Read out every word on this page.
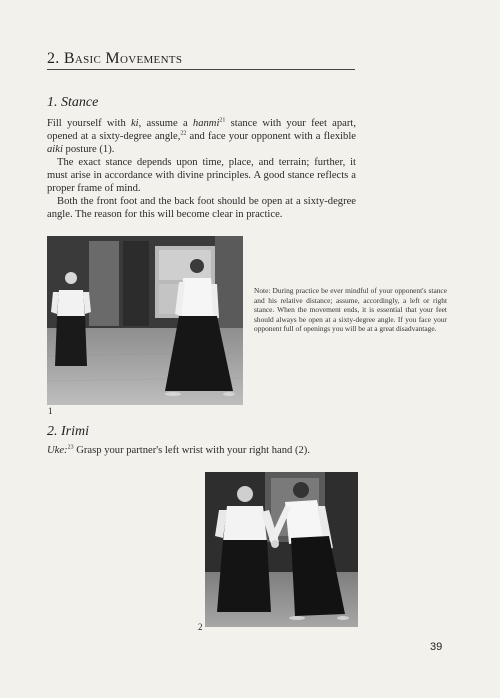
2. Basic Movements
1. Stance

Fill yourself with ki, assume a hanmi$^{21}$ stance with your feet apart, opened at a sixty-degree angle,$^{22}$ and face your opponent with a flexible aiki posture (1).

The exact stance depends upon time, place, and terrain; further, it must arise in accordance with divine principles. A good stance reflects a proper frame of mind.

Both the front foot and the back foot should be open at a sixty-degree angle. The reason for this will become clear in practice.

1
Note: During practice be ever mindful of your opponent's stance and his relative distance; assume, accordingly, a left or right stance. When the movement ends, it is essential that your feet should always be open at a sixty-degree angle. If you face your opponent full of openings you will be at a great disadvantage.
2. Irimi

Uke:$^{23}$ Grasp your partner's left wrist with your right hand (2).

2
39
